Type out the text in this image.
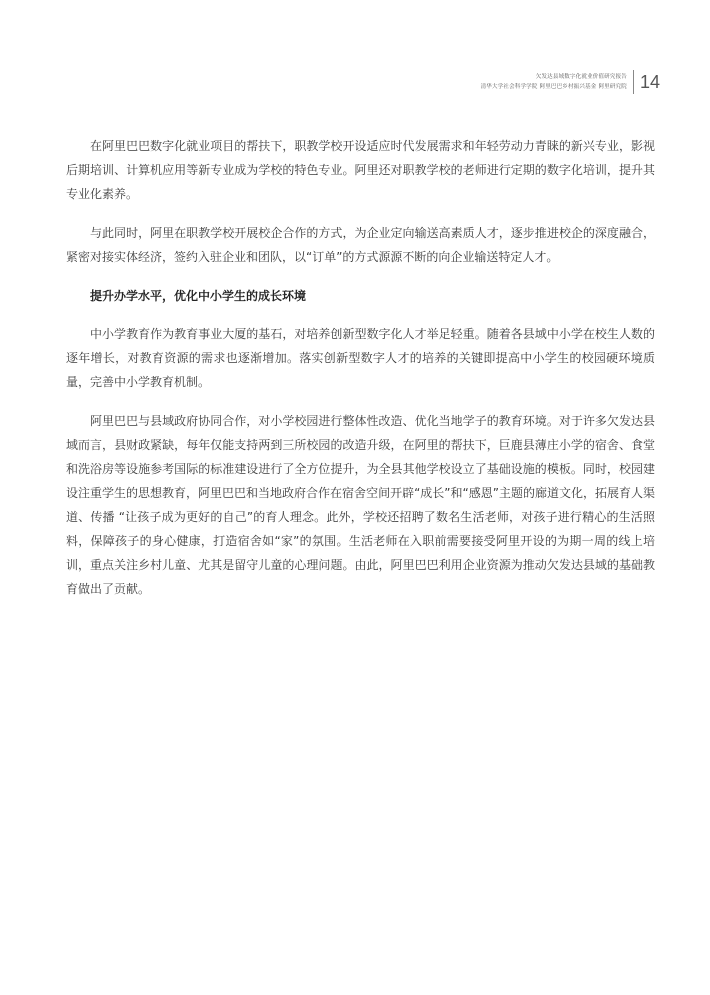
欠发达县域数字化就业价值研究报告
清华大学社会科学学院 阿里巴巴乡村振兴基金 阿里研究院 14

在阿里巴巴数字化就业项目的帮扶下，职教学校开设适应时代发展需求和年轻劳动力青睐的新兴专业，影视后期培训、计算机应用等新专业成为学校的特色专业。阿里还对职教学校的老师进行定期的数字化培训，提升其专业化素养。

与此同时，阿里在职教学校开展校企合作的方式，为企业定向输送高素质人才，逐步推进校企的深度融合，紧密对接实体经济，签约入驻企业和团队，以“订单”的方式源源不断的向企业输送特定人才。

提升办学水平，优化中小学生的成长环境

中小学教育作为教育事业大厦的基石，对培养创新型数字化人才举足轻重。随着各县域中小学在校生人数的逐年增长，对教育资源的需求也逐渐增加。落实创新型数字人才的培养的关键即提高中小学生的校园硬环境质量，完善中小学教育机制。

阿里巴巴与县域政府协同合作，对小学校园进行整体性改造、优化当地学子的教育环境。对于许多欠发达县域而言，县财政紧缺，每年仅能支持两到三所校园的改造升级，在阿里的帮扶下，巨鹿县薄庄小学的宿舍、食堂和洗浴房等设施参考国际的标准建设进行了全方位提升，为全县其他学校设立了基础设施的模板。同时，校园建设注重学生的思想教育，阿里巴巴和当地政府合作在宿舍空间开辟“成长”和“感恩”主题的廊道文化，拓展育人渠道、传播 “让孩子成为更好的自己”的育人理念。此外，学校还招聘了数名生活老师，对孩子进行精心的生活照料，保障孩子的身心健康，打造宿舍如“家”的氛围。生活老师在入职前需要接受阿里开设的为期一周的线上培训，重点关注乡村儿童、尤其是留守儿童的心理问题。由此，阿里巴巴利用企业资源为推动欠发达县域的基础教育做出了贡献。
